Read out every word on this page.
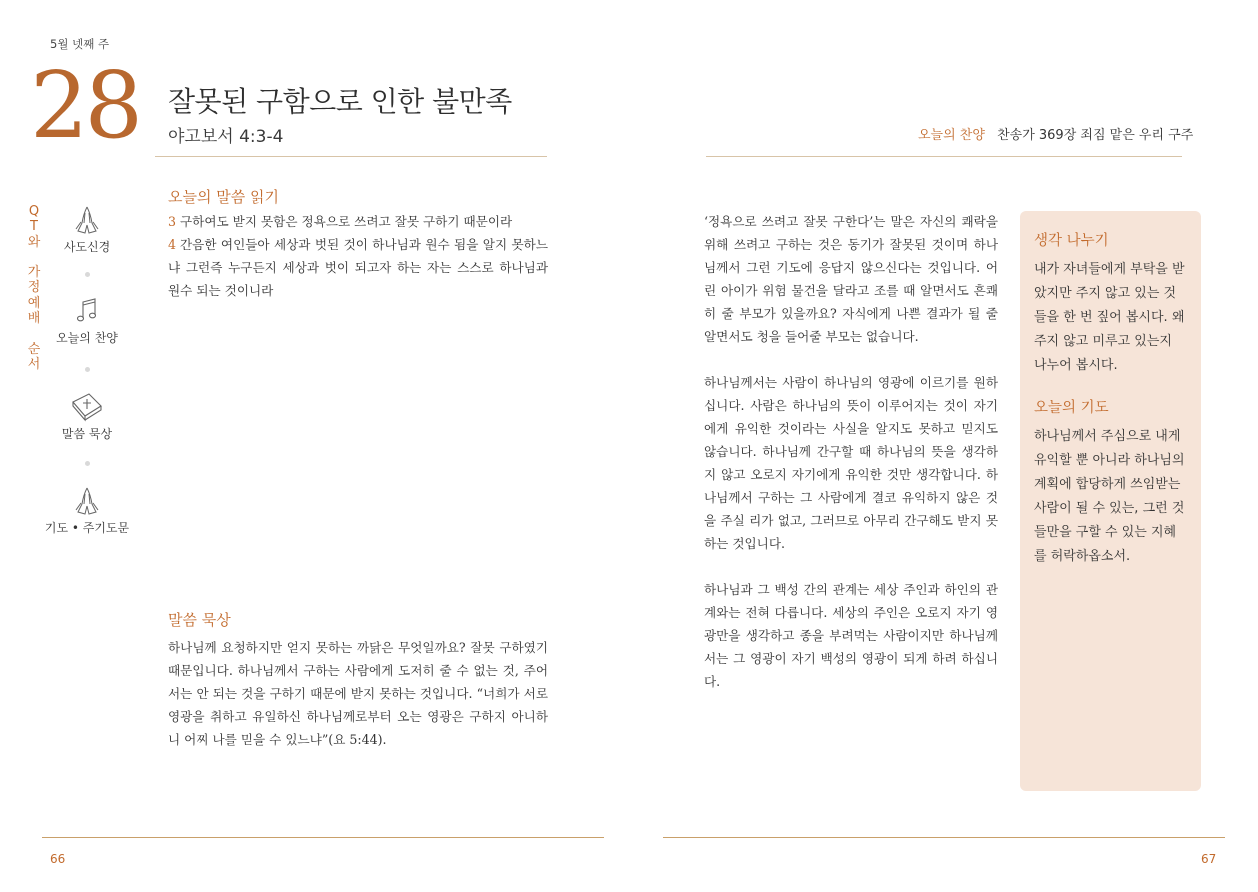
5월 넷째 주
28 잘못된 구함으로 인한 불만족
야고보서 4:3-4	오늘의 찬양 찬송가 369장 죄짐 맡은 우리 구주
Q
T
와

가
정
예
배

순
서
사도신경
오늘의 찬양
말씀 묵상
기도 • 주기도문
오늘의 말씀 읽기
3 구하여도 받지 못함은 정욕으로 쓰려고 잘못 구하기 때문이라
4 간음한 여인들아 세상과 벗된 것이 하나님과 원수 됨을 알지 못하느냐 그런즉 누구든지 세상과 벗이 되고자 하는 자는 스스로 하나님과 원수 되는 것이니라
말씀 묵상
하나님께 요청하지만 얻지 못하는 까닭은 무엇일까요? 잘못 구하였기 때문입니다. 하나님께서 구하는 사람에게 도저히 줄 수 없는 것, 주어서는 안 되는 것을 구하기 때문에 받지 못하는 것입니다. “너희가 서로 영광을 취하고 유일하신 하나님께로부터 오는 영광은 구하지 아니하니 어찌 나를 믿을 수 있느냐”(요 5:44).

‘정욕으로 쓰려고 잘못 구한다’는 말은 자신의 쾌락을 위해 쓰려고 구하는 것은 동기가 잘못된 것이며 하나님께서 그런 기도에 응답지 않으신다는 것입니다. 어린 아이가 위험 물건을 달라고 조를 때 알면서도 흔쾌히 줄 부모가 있을까요? 자식에게 나쁜 결과가 될 줄 알면서도 청을 들어줄 부모는 없습니다.

하나님께서는 사람이 하나님의 영광에 이르기를 원하십니다. 사람은 하나님의 뜻이 이루어지는 것이 자기에게 유익한 것이라는 사실을 알지도 못하고 믿지도 않습니다. 하나님께 간구할 때 하나님의 뜻을 생각하지 않고 오로지 자기에게 유익한 것만 생각합니다. 하나님께서 구하는 그 사람에게 결코 유익하지 않은 것을 주실 리가 없고, 그러므로 아무리 간구해도 받지 못하는 것입니다.

하나님과 그 백성 간의 관계는 세상 주인과 하인의 관계와는 전혀 다릅니다. 세상의 주인은 오로지 자기 영광만을 생각하고 종을 부려먹는 사람이지만 하나님께서는 그 영광이 자기 백성의 영광이 되게 하려 하십니다.

생각 나누기

내가 자녀들에게 부탁을 받았지만 주지 않고 있는 것들을 한 번 짚어 봅시다. 왜 주지 않고 미루고 있는지 나누어 봅시다.

오늘의 기도

하나님께서 주심으로 내게 유익할 뿐 아니라 하나님의 계획에 합당하게 쓰임받는 사람이 될 수 있는, 그런 것들만을 구할 수 있는 지혜를 허락하옵소서.

66	67
